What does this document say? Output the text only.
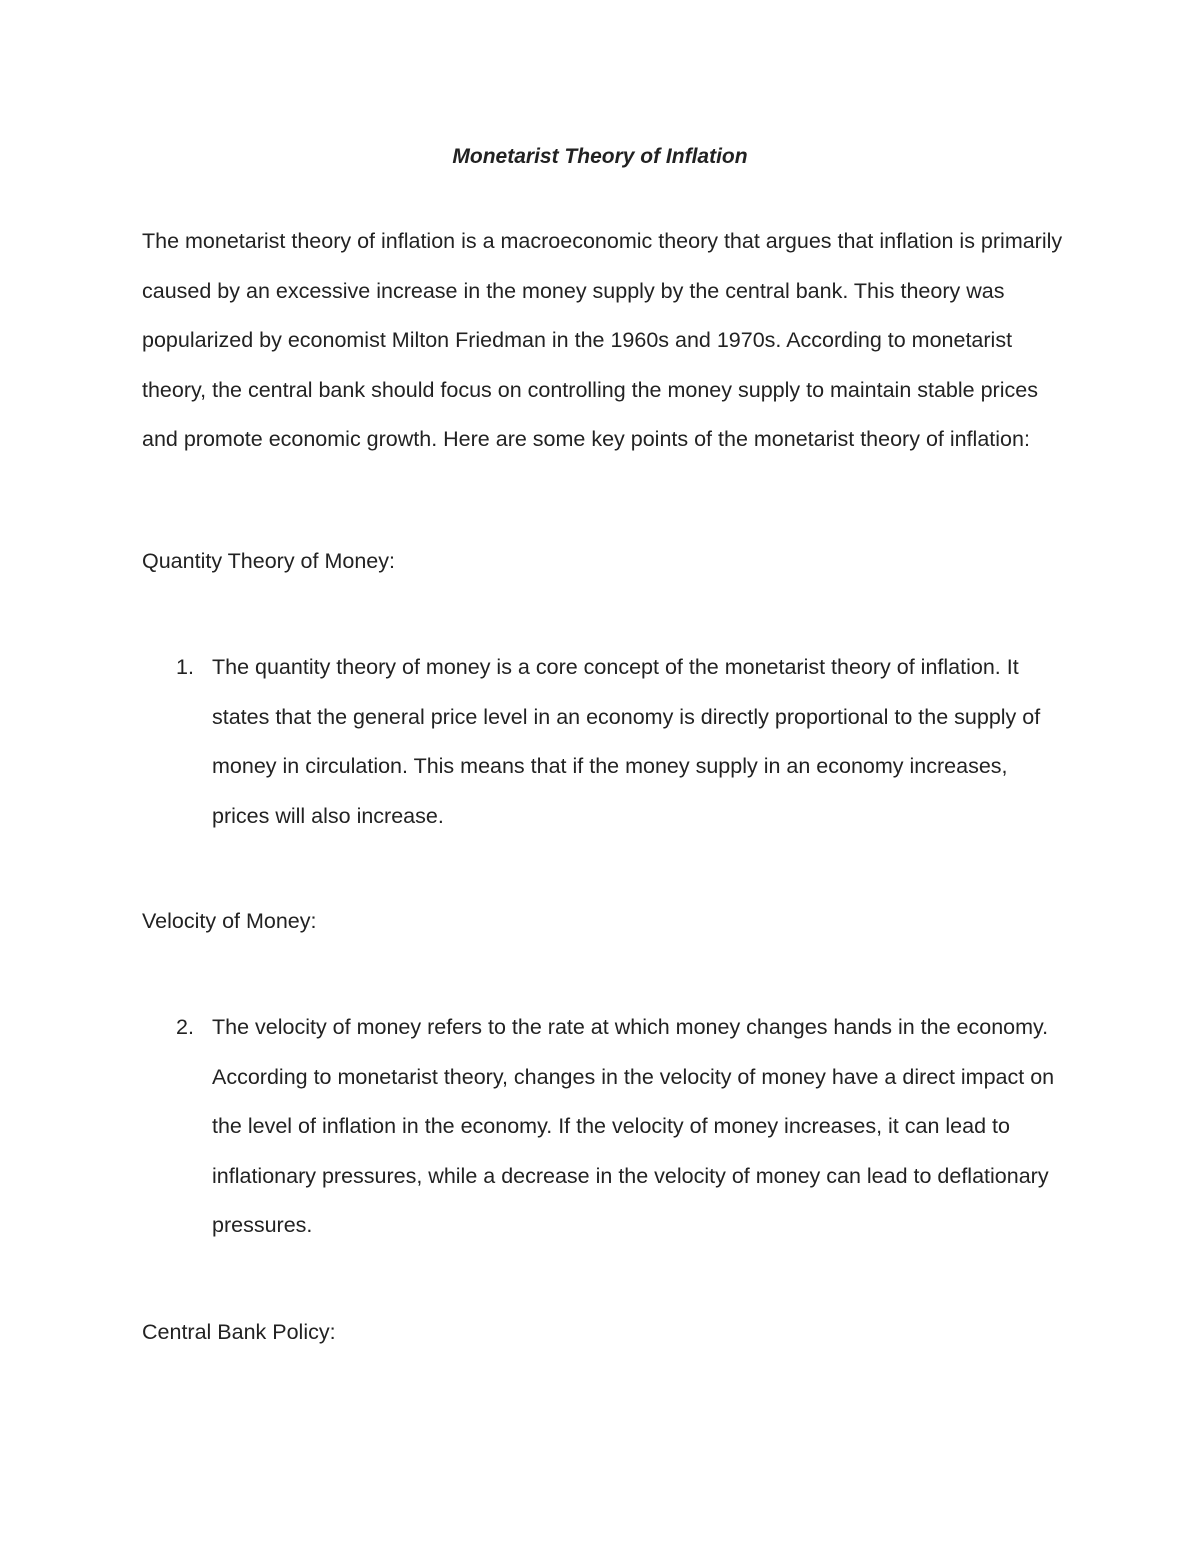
Monetarist Theory of Inflation

The monetarist theory of inflation is a macroeconomic theory that argues that inflation is primarily caused by an excessive increase in the money supply by the central bank. This theory was popularized by economist Milton Friedman in the 1960s and 1970s. According to monetarist theory, the central bank should focus on controlling the money supply to maintain stable prices and promote economic growth. Here are some key points of the monetarist theory of inflation:

Quantity Theory of Money:
1. The quantity theory of money is a core concept of the monetarist theory of inflation. It states that the general price level in an economy is directly proportional to the supply of money in circulation. This means that if the money supply in an economy increases, prices will also increase.
Velocity of Money:
2. The velocity of money refers to the rate at which money changes hands in the economy. According to monetarist theory, changes in the velocity of money have a direct impact on the level of inflation in the economy. If the velocity of money increases, it can lead to inflationary pressures, while a decrease in the velocity of money can lead to deflationary pressures.
Central Bank Policy:
